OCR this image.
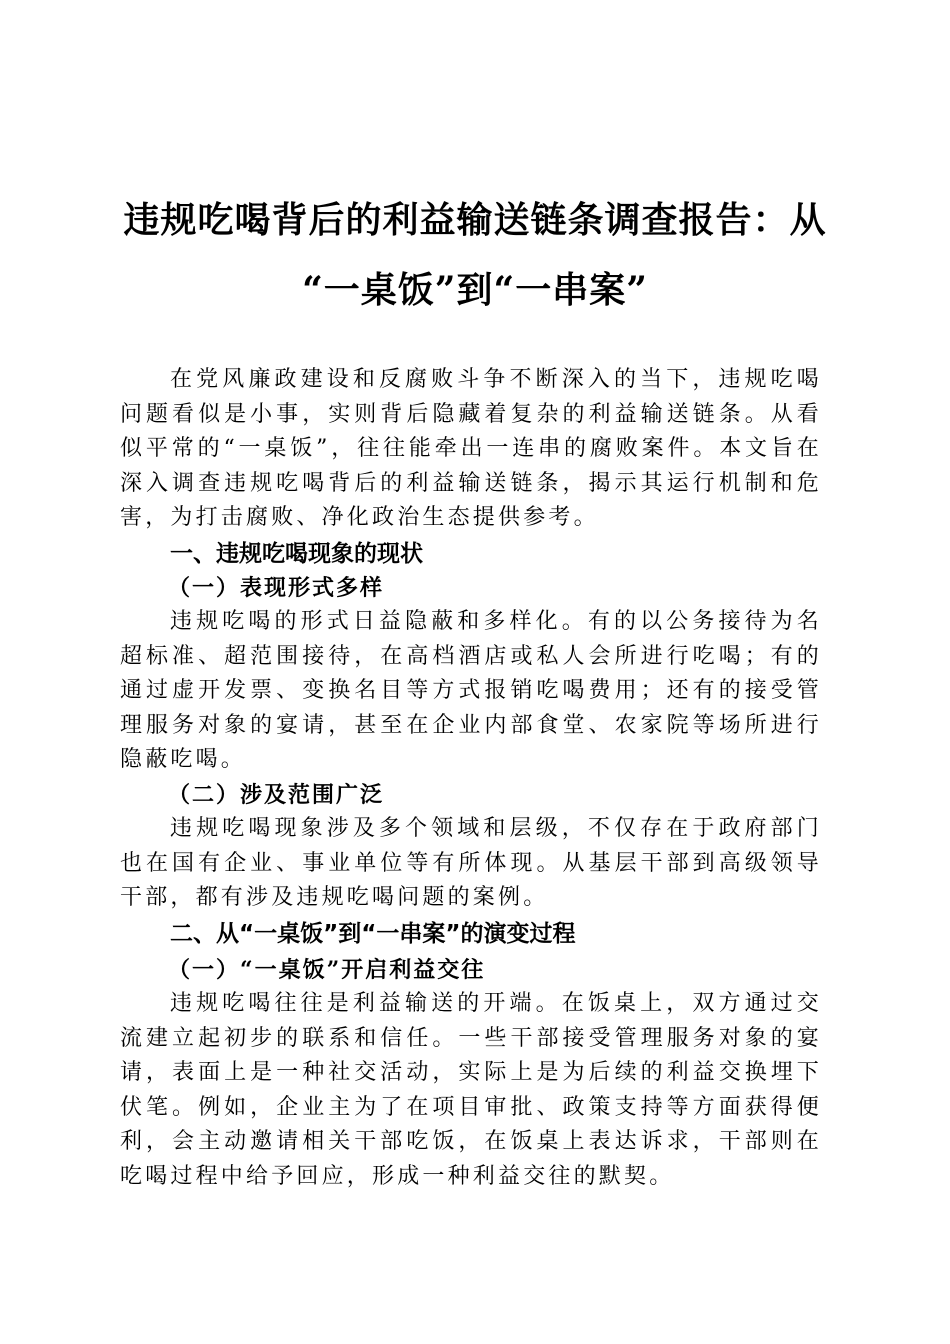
违规吃喝背后的利益输送链条调查报告：从
“一桌饭”到“一串案”

在党风廉政建设和反腐败斗争不断深入的当下，违规吃喝问题看似是小事，实则背后隐藏着复杂的利益输送链条。从看似平常的“一桌饭”，往往能牵出一连串的腐败案件。本文旨在深入调查违规吃喝背后的利益输送链条，揭示其运行机制和危害，为打击腐败、净化政治生态提供参考。

一、违规吃喝现象的现状
（一）表现形式多样

违规吃喝的形式日益隐蔽和多样化。有的以公务接待为名超标准、超范围接待，在高档酒店或私人会所进行吃喝；有的通过虚开发票、变换名目等方式报销吃喝费用；还有的接受管理服务对象的宴请，甚至在企业内部食堂、农家院等场所进行隐蔽吃喝。

（二）涉及范围广泛

违规吃喝现象涉及多个领域和层级，不仅存在于政府部门也在国有企业、事业单位等有所体现。从基层干部到高级领导干部，都有涉及违规吃喝问题的案例。

二、从“一桌饭”到“一串案”的演变过程
（一）“一桌饭”开启利益交往

违规吃喝往往是利益输送的开端。在饭桌上，双方通过交流建立起初步的联系和信任。一些干部接受管理服务对象的宴请，表面上是一种社交活动，实际上是为后续的利益交换埋下伏笔。例如，企业主为了在项目审批、政策支持等方面获得便利，会主动邀请相关干部吃饭，在饭桌上表达诉求，干部则在吃喝过程中给予回应，形成一种利益交往的默契。
